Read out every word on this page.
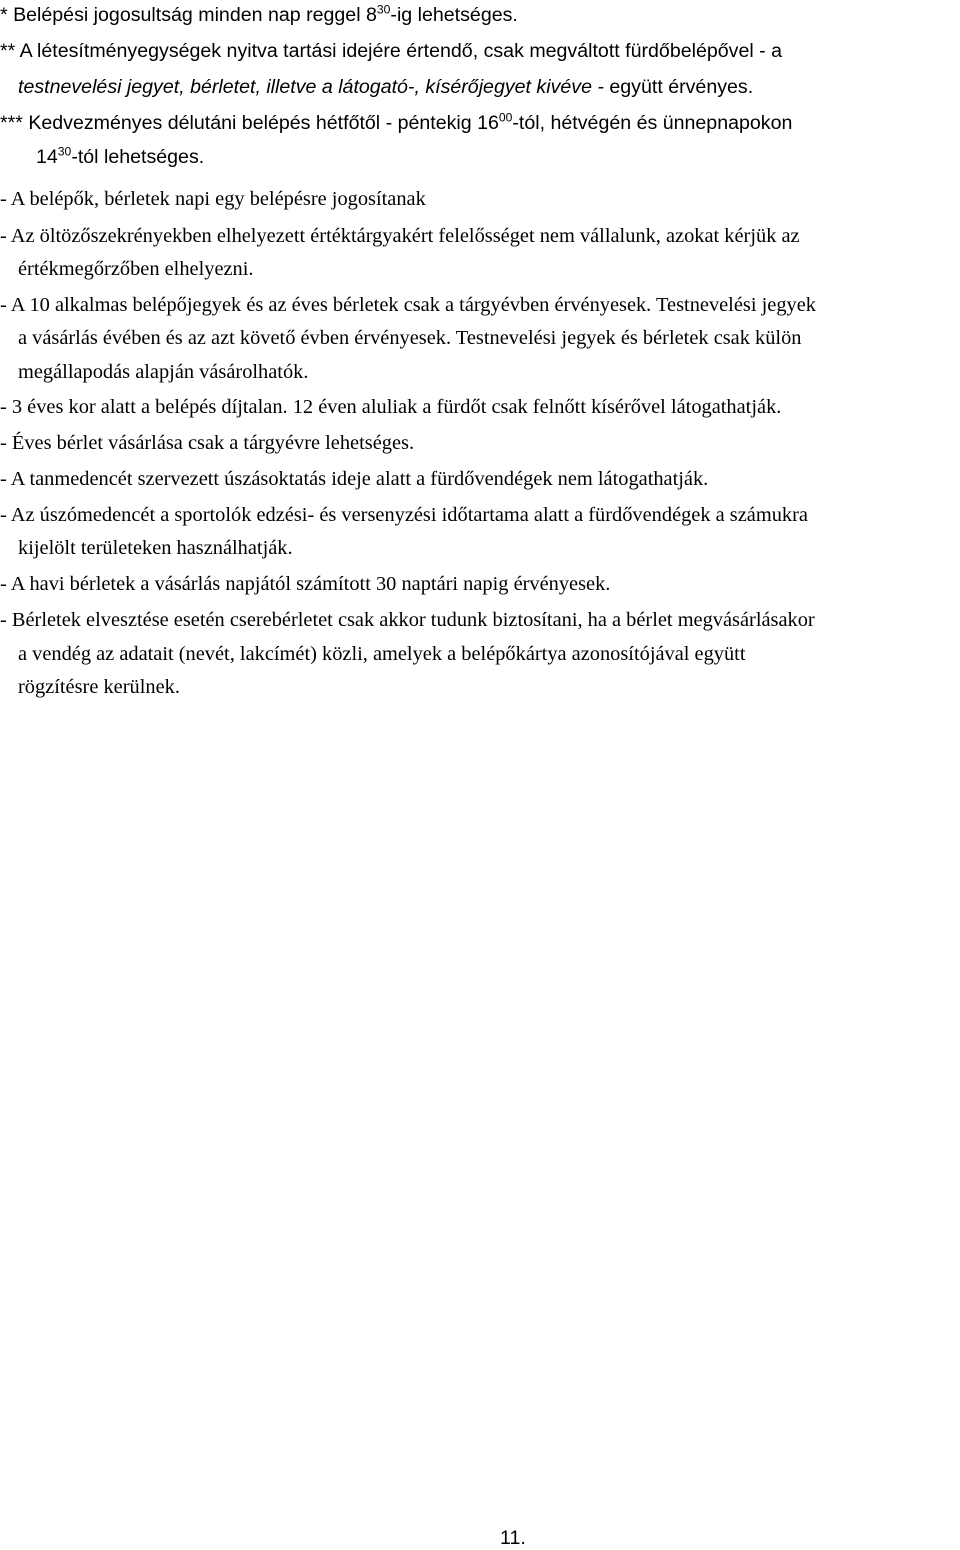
* Belépési jogosultság minden nap reggel $8^{30}-ig$ lehetséges.

** A létesítményegységek nyitva tartási idejére értendő, csak megváltott fürdőbelépővel - a

testnevelési jegyet, bérletet, illetve a látogató-, kísérőjegyet kivéve - együtt érvényes.

*** Kedvezményes délutáni belépés hétfőtől - péntekig $16^{00}$-tól, hétvégén és ünnepnapokon

$14^{30}$-tól lehetséges.

- A belépők, bérletek napi egy belépésre jogosítanak

- Az öltözőszekrényekben elhelyezett értéktárgyakért felelősséget nem vállalunk, azokat kérjük az

értékmegőrzőben elhelyezni.

- A 10 alkalmas belépőjegyek és az éves bérletek csak a tárgyévben érvényesek. Testnevelési jegyek

a vásárlás évében és az azt követő évben érvényesek. Testnevelési jegyek és bérletek csak külön

megállapodás alapján vásárolhatók.

- 3 éves kor alatt a belépés díjtalan. 12 éven aluliak a fürdőt csak felnőtt kísérővel látogathatják.

- Éves bérlet vásárlása csak a tárgyévre lehetséges.

- A tanmedencét szervezett úszásoktatás ideje alatt a fürdővendégek nem látogathatják.

- Az úszómedencét a sportolók edzési- és versenyzési időtartama alatt a fürdővendégek a számukra

kijelölt területeken használhatják.

- A havi bérletek a vásárlás napjától számított 30 naptári napig érvényesek.

- Bérletek elvesztése esetén cserebérletet csak akkor tudunk biztosítani, ha a bérlet megvásárlásakor

a vendég az adatait (nevét, lakcímét) közli, amelyek a belépőkártya azonosítójával együtt

rögzítésre kerülnek.

11.
